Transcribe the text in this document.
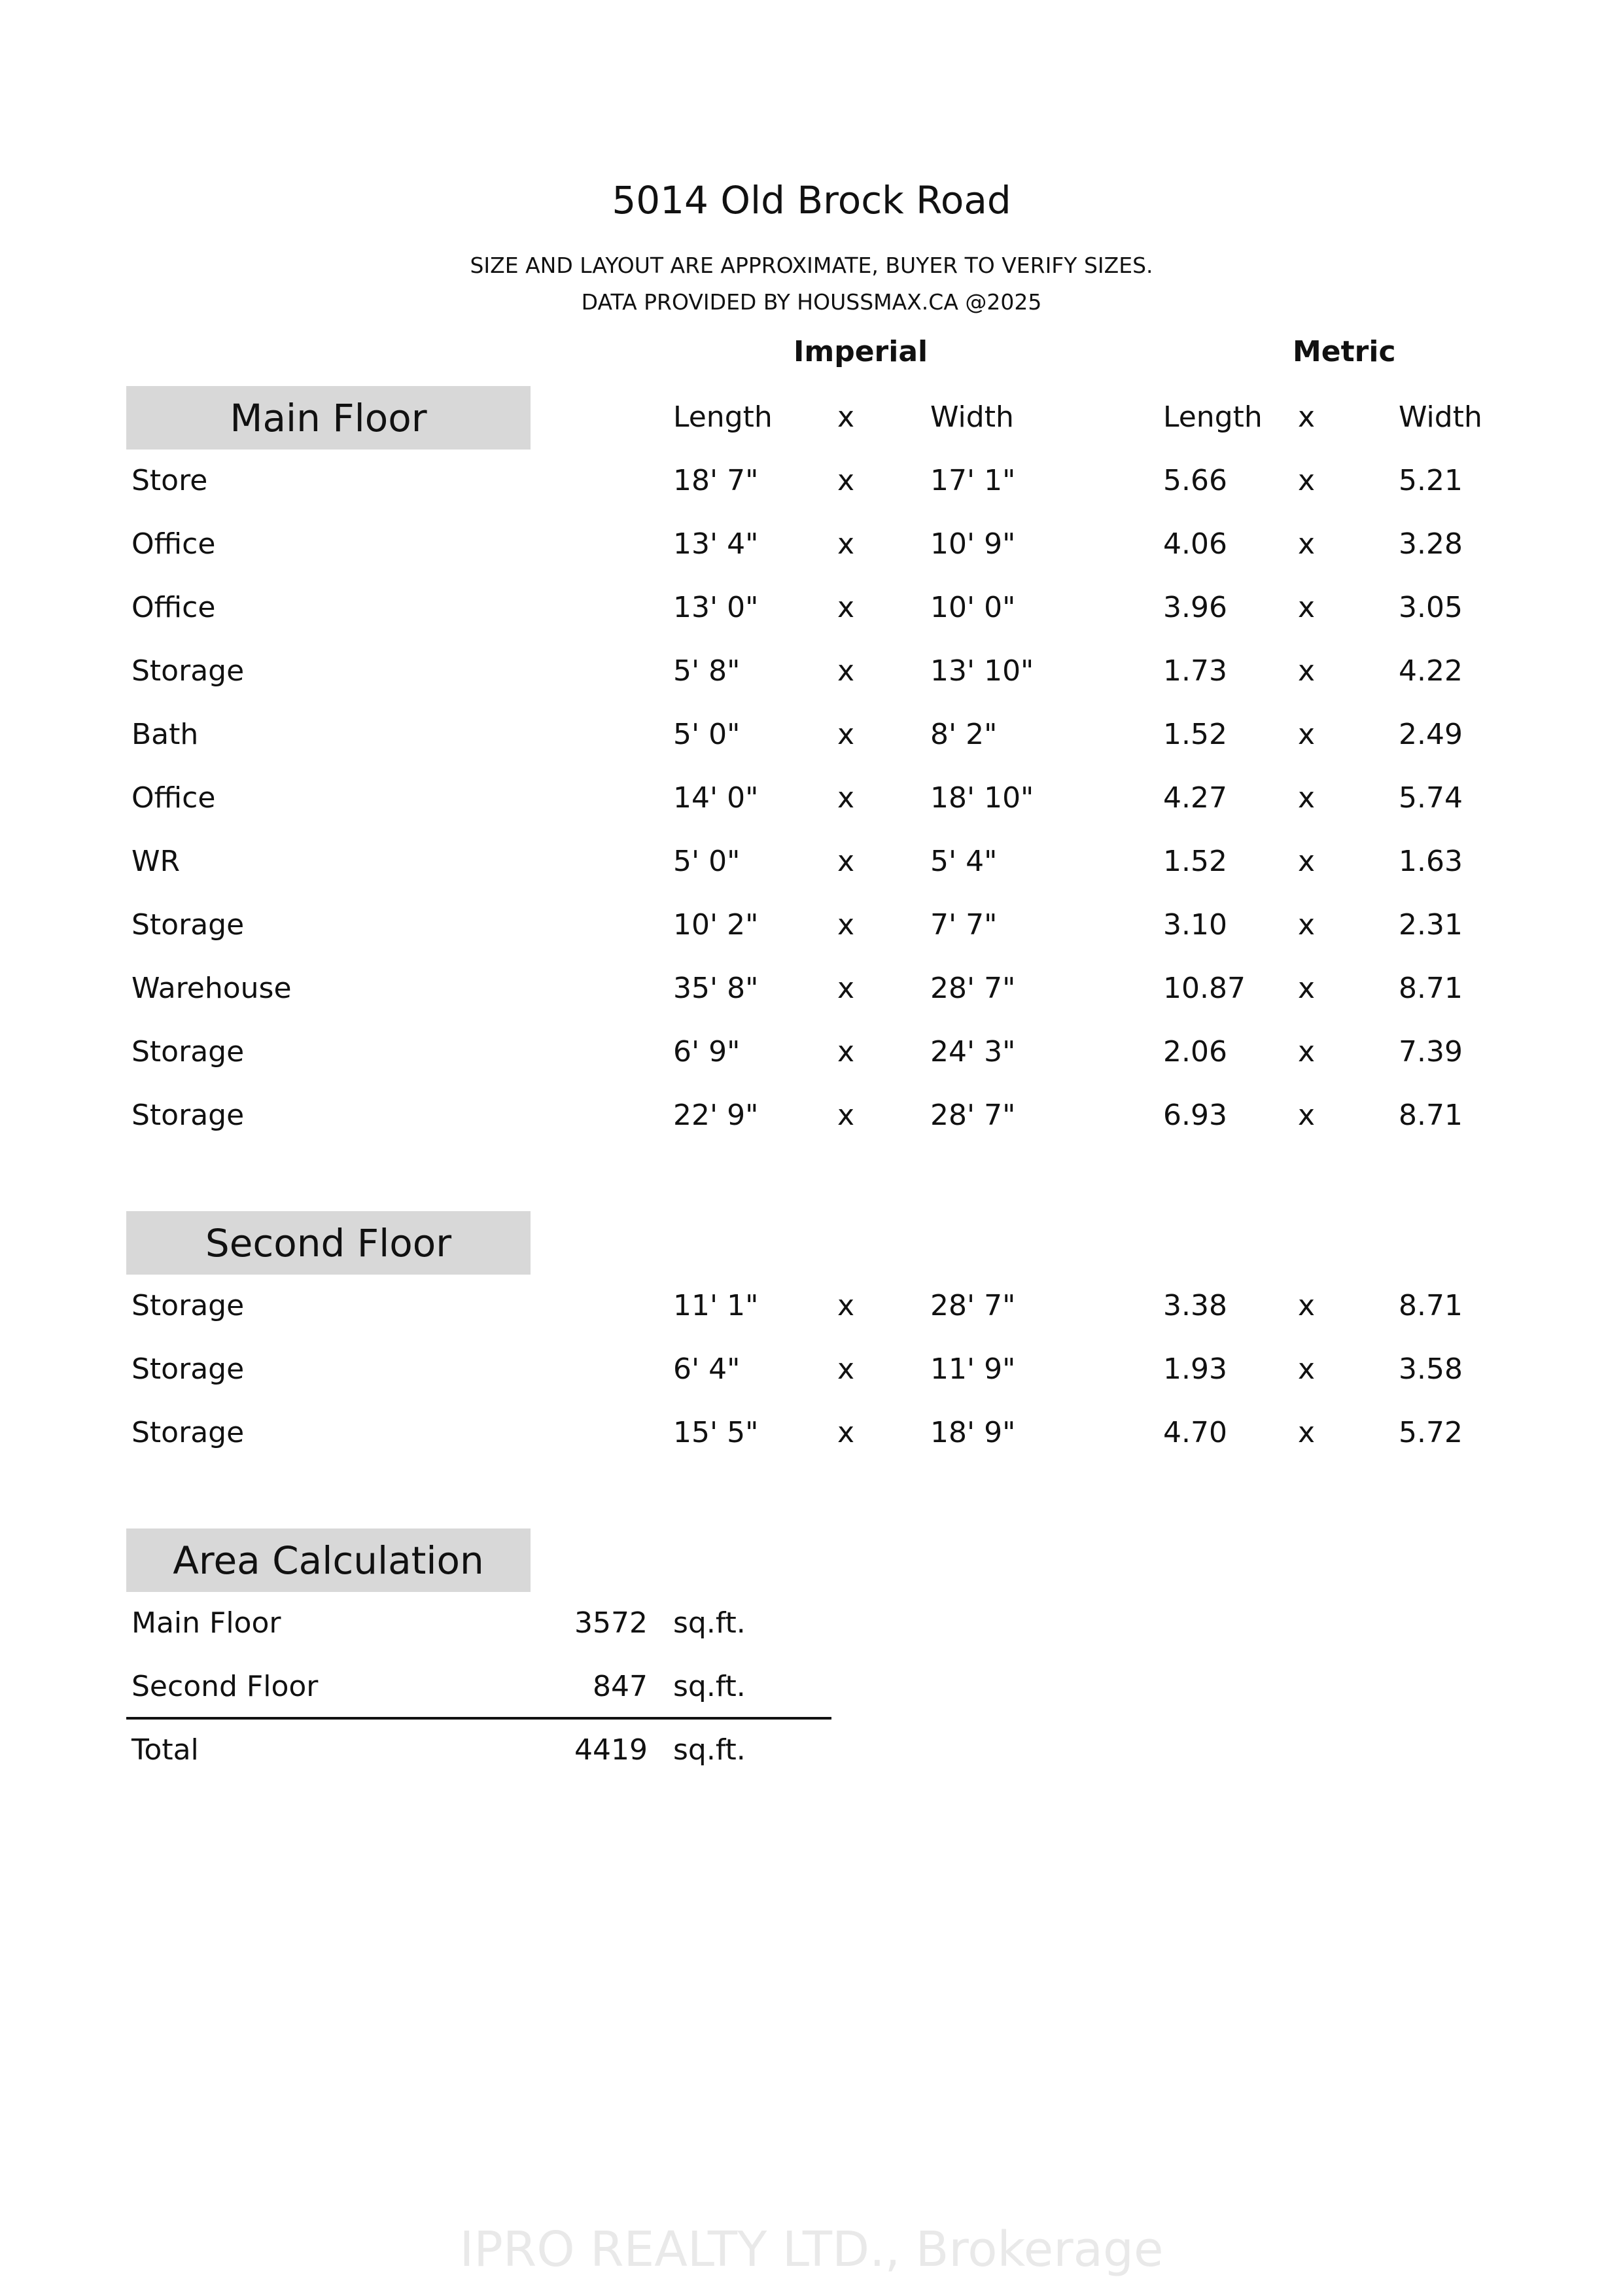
5014 Old Brock Road
SIZE AND LAYOUT ARE APPROXIMATE, BUYER TO VERIFY SIZES.
DATA PROVIDED BY HOUSSMAX.CA @2025
Imperial	Metric
Main Floor	Length x	Width	Length x	Width
Store	18' 7"	x	17' 1"	5.66 x	5.21
Office	13' 4"	x	10' 9"	4.06 x	3.28
Office	13' 0"	x	10' 0"	3.96 x	3.05
Storage	5' 8"	x	13' 10"	1.73 x	4.22
Bath	5' 0"	x	8' 2"	1.52 x	2.49
Office	14' 0"	x	18' 10"	4.27 x	5.74
WR	5' 0"	x	5' 4"	1.52 x	1.63
Storage	10' 2"	x	7' 7"	3.10 x	2.31
Warehouse	35' 8"	x	28' 7"	10.87 x	8.71
Storage	6' 9"	x	24' 3"	2.06 x	7.39
Storage	22' 9"	x	28' 7"	6.93 x	8.71
Second Floor
Storage	11' 1"	x	28' 7"	3.38 x	8.71
Storage	6' 4"	x	11' 9"	1.93 x	3.58
Storage	15' 5"	x	18' 9"	4.70 x	5.72
Area Calculation
Main Floor	3572 sq.ft.
Second Floor	847 sq.ft.
Total	4419 sq.ft.
IPRO REALTY LTD., Brokerage
